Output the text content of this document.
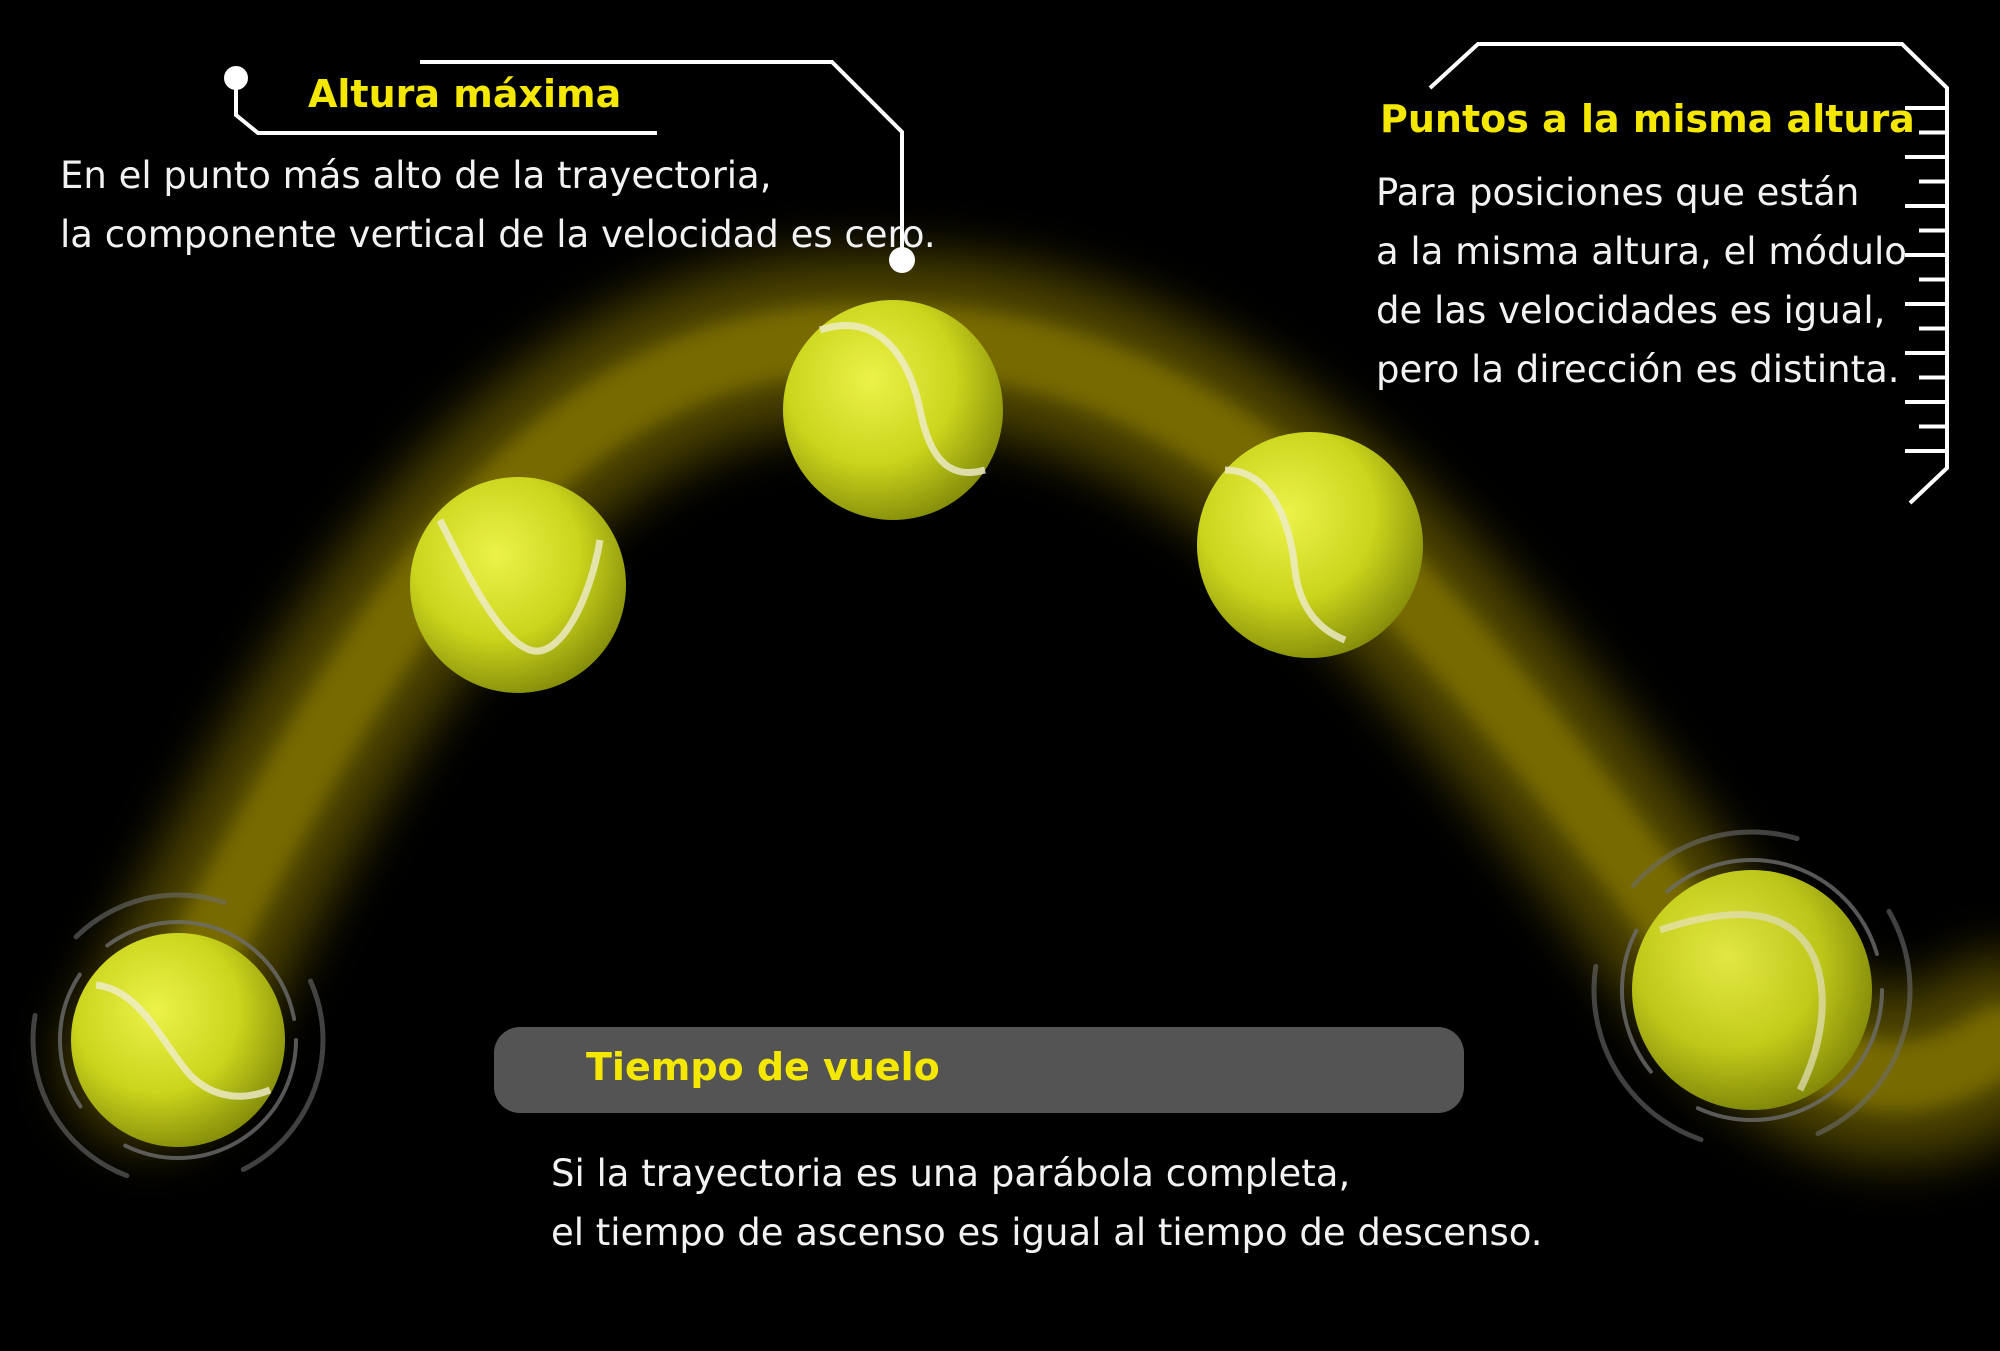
Altura máxima
En el punto más alto de la trayectoria,
la componente vertical de la velocidad es cero.
Puntos a la misma altura
Para posiciones que están
a la misma altura, el módulo
de las velocidades es igual,
pero la dirección es distinta.
Tiempo de vuelo
Si la trayectoria es una parábola completa,
el tiempo de ascenso es igual al tiempo de descenso.
